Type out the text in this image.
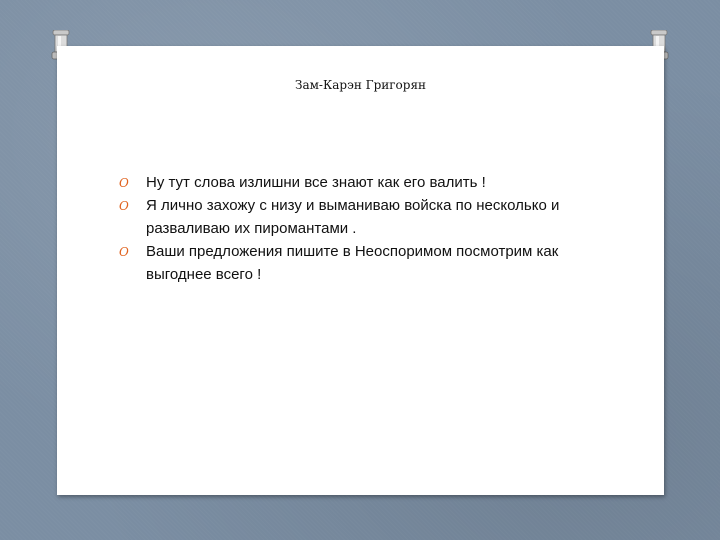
Зам-Карэн Григорян
O Ну тут слова излишни все знают как его валить !
O Я лично захожу с низу и выманиваю войска по несколько и разваливаю их пиромантами .
O Ваши предложения пишите в Неоспоримом посмотрим как выгоднее всего !
